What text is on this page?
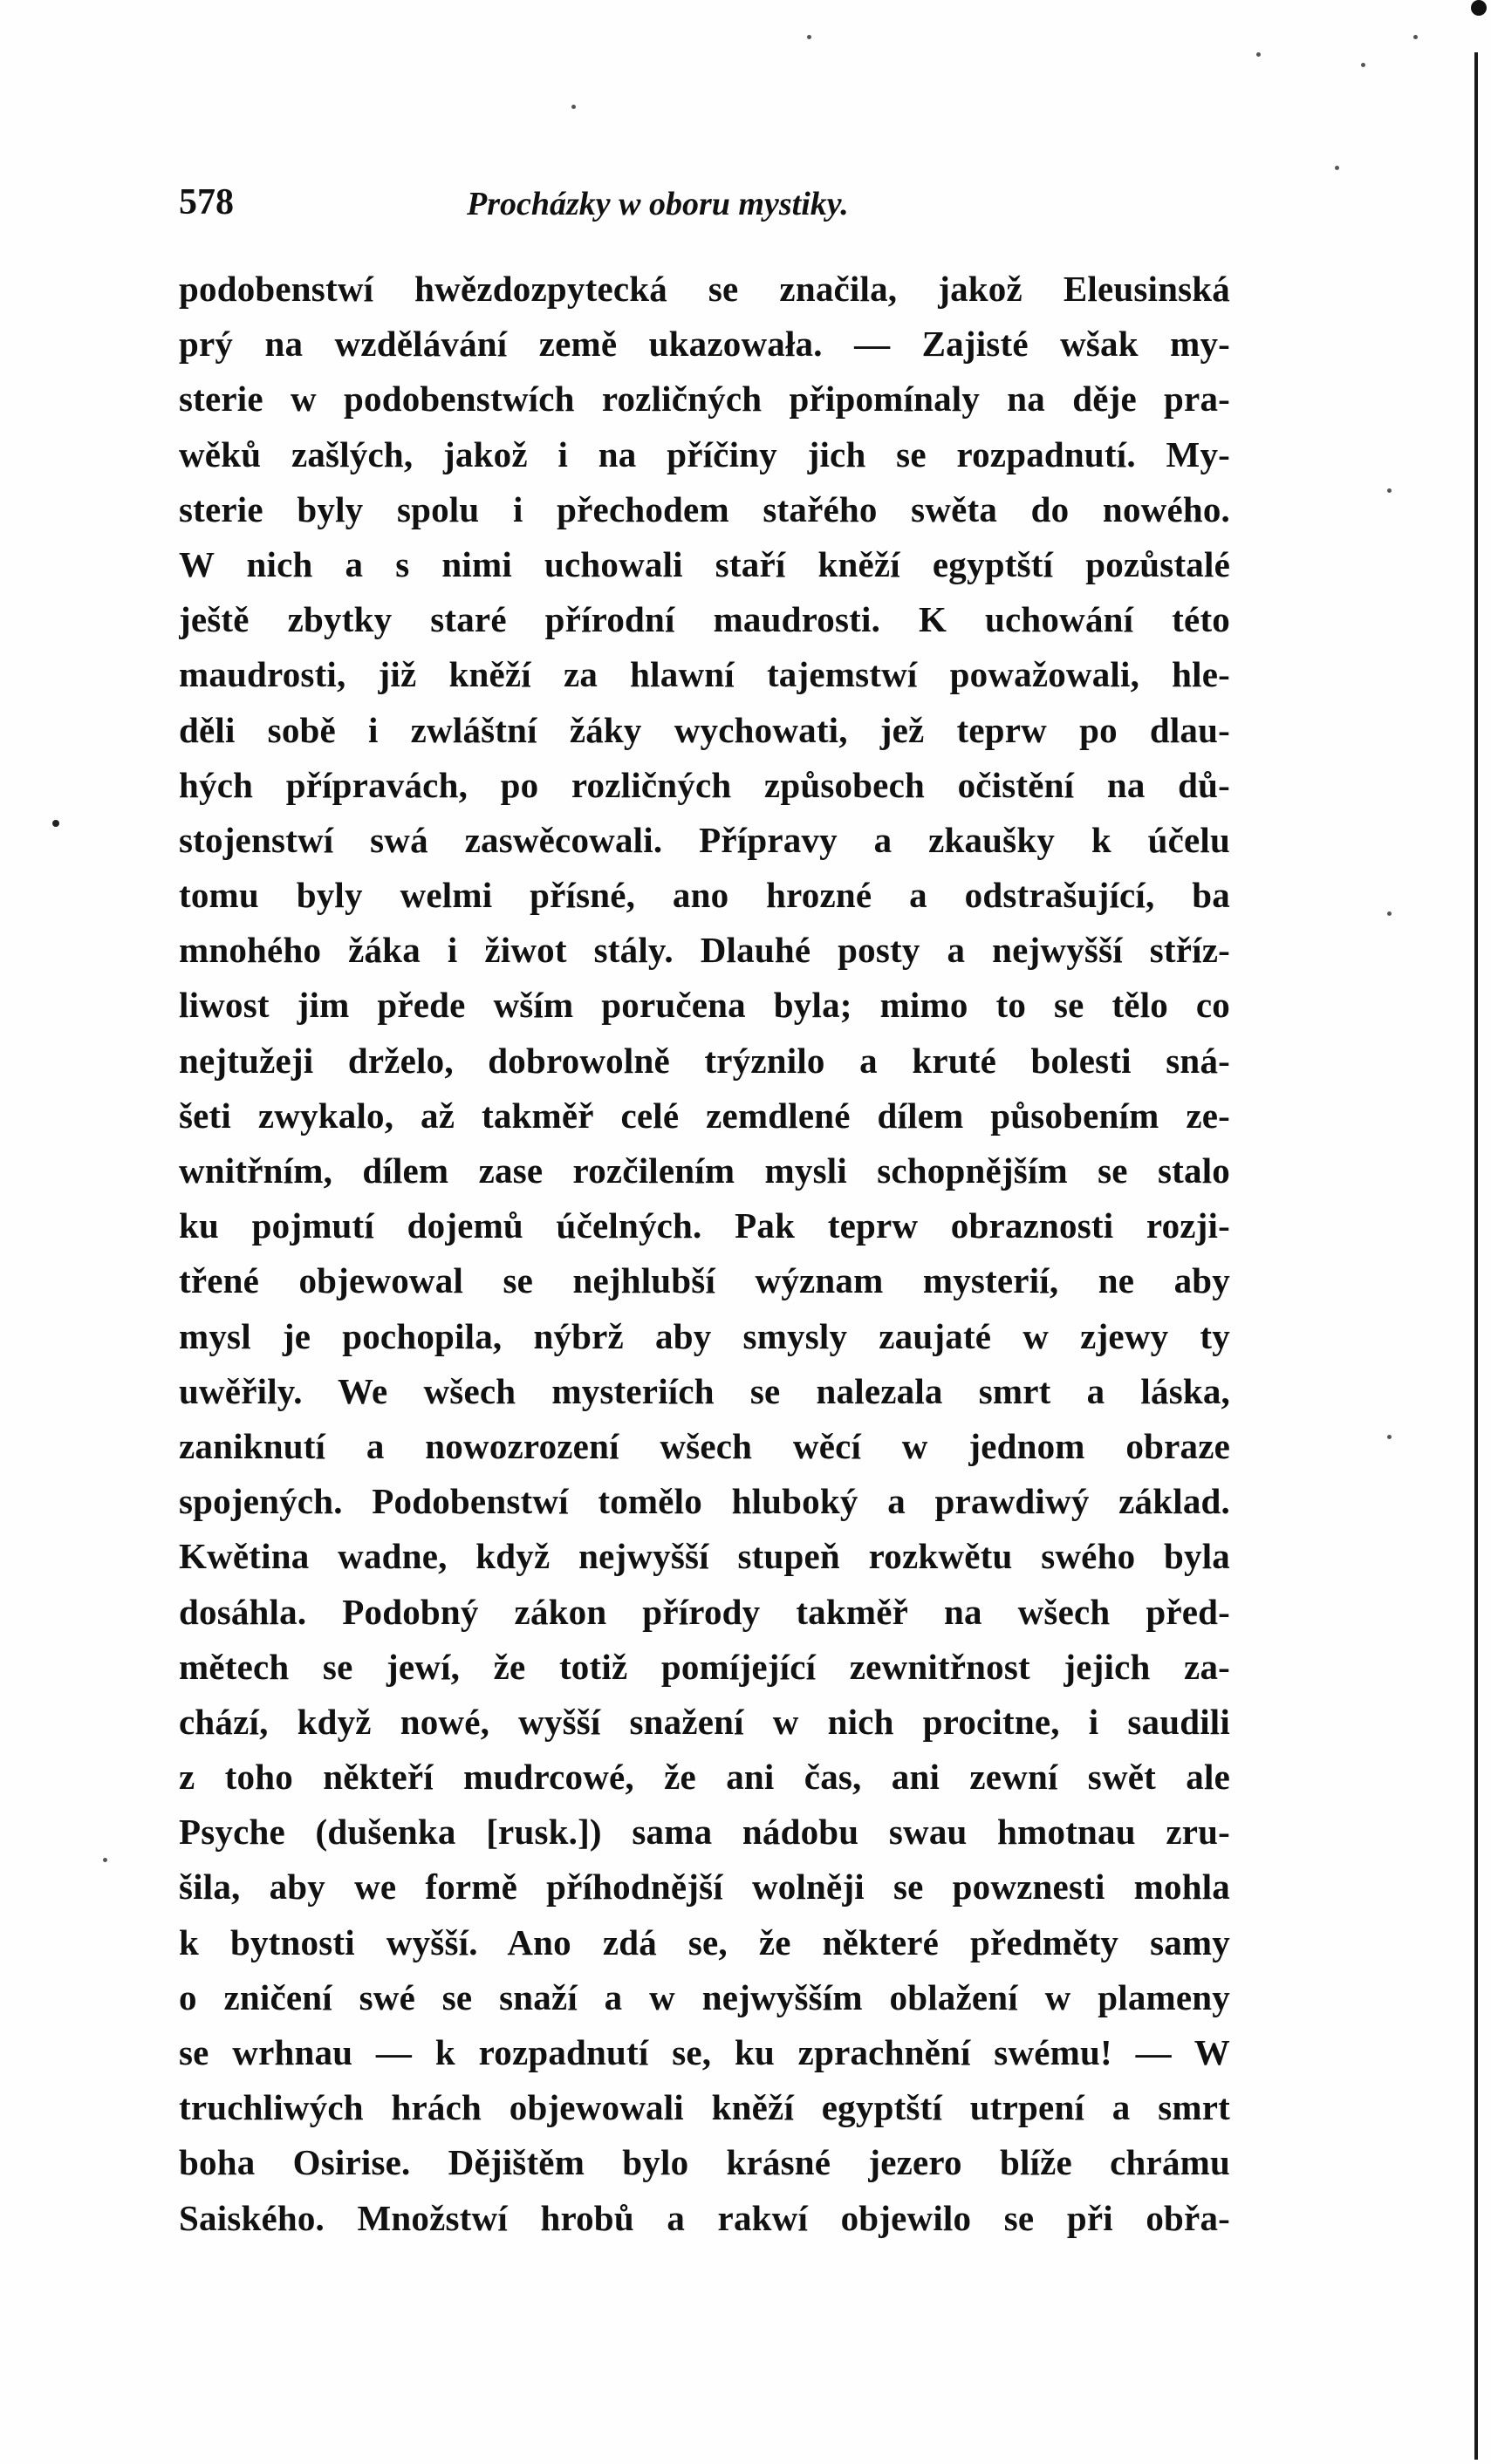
578	Procházky w oboru mystiky.
podobenstwí hwězdozpytecká se značila, jakož Eleusinská
prý na wzdělávání země ukazowała. — Zajisté wšak my-
sterie w podobenstwích rozličných připomínaly na děje pra-
wěků zašlých, jakož i na příčiny jich se rozpadnutí. My-
sterie byly spolu i přechodem stařého swěta do nowého.
W nich a s nimi uchowali staří kněží egyptští pozůstalé
ještě zbytky staré přírodní maudrosti. K uchowání této
maudrosti, již kněží za hlawní tajemstwí powažowali, hle-
děli sobě i zwláštní žáky wychowati, jež teprw po dlau-
hých přípravách, po rozličných způsobech očistění na dů-
stojenstwí swá zaswěcowali. Přípravy a zkaušky k účelu
tomu byly welmi přísné, ano hrozné a odstrašující, ba
mnohého žáka i žiwot stály. Dlauhé posty a nejwyšší stříz-
liwost jim přede wším poručena byla; mimo to se tělo co
nejtužeji drželo, dobrowolně trýznilo a kruté bolesti sná-
šeti zwykalo, až takměř celé zemdlené dílem působením ze-
wnitřním, dílem zase rozčilením mysli schopnějším se stalo
ku pojmutí dojemů účelných. Pak teprw obraznosti rozji-
třené objewowal se nejhlubší wýznam mysterií, ne aby
mysl je pochopila, nýbrž aby smysly zaujaté w zjewy ty
uwěřily. We wšech mysteriích se nalezala smrt a láska,
zaniknutí a nowozrození wšech wěcí w jednom obraze
spojených. Podobenstwí tomělo hluboký a prawdiwý základ.
Kwětina wadne, když nejwyšší stupeň rozkwětu swého byla
dosáhla. Podobný zákon přírody takměř na wšech před-
mětech se jewí, že totiž pomíjející zewnitřnost jejich za-
chází, když nowé, wyšší snažení w nich procitne, i saudili
z toho někteří mudrcowé, že ani čas, ani zewní swět ale
Psyche (dušenka [rusk.]) sama nádobu swau hmotnau zru-
šila, aby we formě příhodnější wolněji se powznesti mohla
k bytnosti wyšší. Ano zdá se, že některé předměty samy
o zničení swé se snaží a w nejwyšším oblažení w plameny
se wrhnau — k rozpadnutí se, ku zprachnění swému! — W
truchliwých hrách objewowali kněží egyptští utrpení a smrt
boha Osirise. Dějištěm bylo krásné jezero blíže chrámu
Saiského. Množstwí hrobů a rakwí objewilo se při obřa-
